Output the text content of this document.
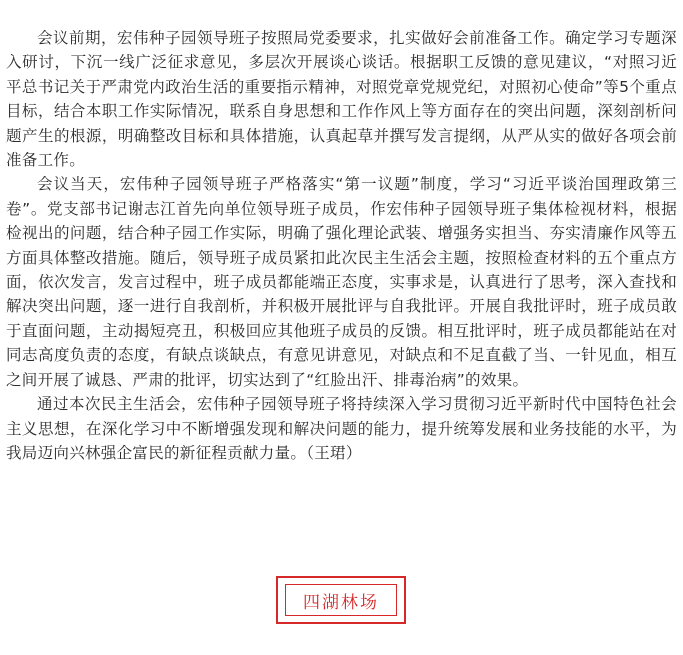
会议前期，宏伟种子园领导班子按照局党委要求，扎实做好会前准备工作。确定学习专题深入研讨，下沉一线广泛征求意见，多层次开展谈心谈话。根据职工反馈的意见建议，“对照习近平总书记关于严肃党内政治生活的重要指示精神，对照党章党规党纪，对照初心使命”等5个重点目标，结合本职工作实际情况，联系自身思想和工作作风上等方面存在的突出问题，深刻剖析问题产生的根源，明确整改目标和具体措施，认真起草并撰写发言提纲，从严从实的做好各项会前准备工作。

会议当天，宏伟种子园领导班子严格落实“第一议题”制度，学习“习近平谈治国理政第三卷”。党支部书记谢志江首先向单位领导班子成员，作宏伟种子园领导班子集体检视材料，根据检视出的问题，结合种子园工作实际，明确了强化理论武装、增强务实担当、夯实清廉作风等五方面具体整改措施。随后，领导班子成员紧扣此次民主生活会主题，按照检查材料的五个重点方面，依次发言，发言过程中，班子成员都能端正态度，实事求是，认真进行了思考，深入查找和解决突出问题，逐一进行自我剖析，并积极开展批评与自我批评。开展自我批评时，班子成员敢于直面问题，主动揭短亮丑，积极回应其他班子成员的反馈。相互批评时，班子成员都能站在对同志高度负责的态度，有缺点谈缺点，有意见讲意见，对缺点和不足直截了当、一针见血，相互之间开展了诚恳、严肃的批评，切实达到了“红脸出汗、排毒治病”的效果。

通过本次民主生活会，宏伟种子园领导班子将持续深入学习贯彻习近平新时代中国特色社会主义思想，在深化学习中不断增强发现和解决问题的能力，提升统筹发展和业务技能的水平，为我局迈向兴林强企富民的新征程贡献力量。（王珺）

四湖林场
